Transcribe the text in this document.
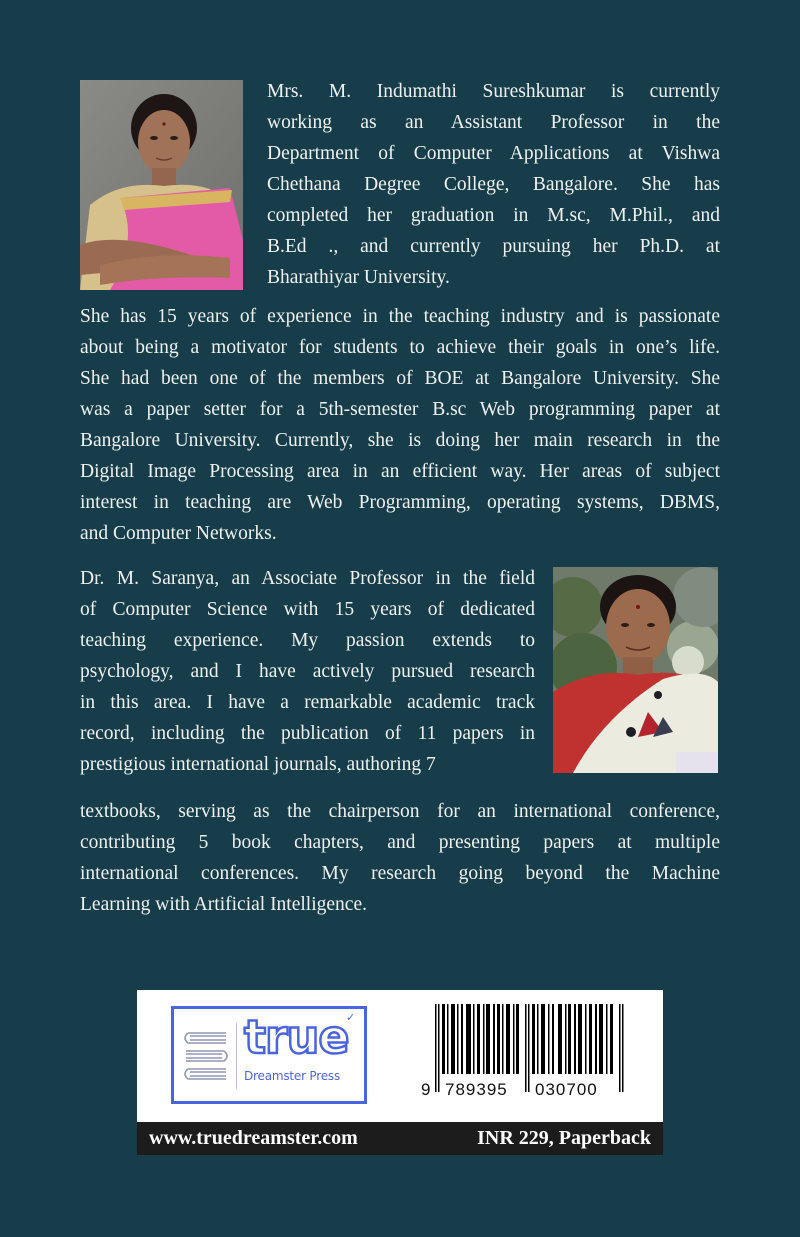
Mrs. M. Indumathi Sureshkumar is currently
working as an Assistant Professor in the
Department of Computer Applications at Vishwa
Chethana Degree College, Bangalore. She has
completed her graduation in M.sc, M.Phil., and
B.Ed ., and currently pursuing her Ph.D. at
Bharathiyar University.
She has 15 years of experience in the teaching industry and is passionate
about being a motivator for students to achieve their goals in one’s life.
She had been one of the members of BOE at Bangalore University. She
was a paper setter for a 5th-semester B.sc Web programming paper at
Bangalore University. Currently, she is doing her main research in the
Digital Image Processing area in an efficient way. Her areas of subject
interest in teaching are Web Programming, operating systems, DBMS,
and Computer Networks.
Dr. M. Saranya, an Associate Professor in the field
of Computer Science with 15 years of dedicated
teaching experience. My passion extends to
psychology, and I have actively pursued research
in this area. I have a remarkable academic track
record, including the publication of 11 papers in
prestigious international journals, authoring 7
textbooks, serving as the chairperson for an international conference,
contributing 5 book chapters, and presenting papers at multiple
international conferences. My research going beyond the Machine
Learning with Artificial Intelligence.
true
Dreamster Press
✓
9 789395 030700
www.truedreamster.com	INR 229, Paperback
